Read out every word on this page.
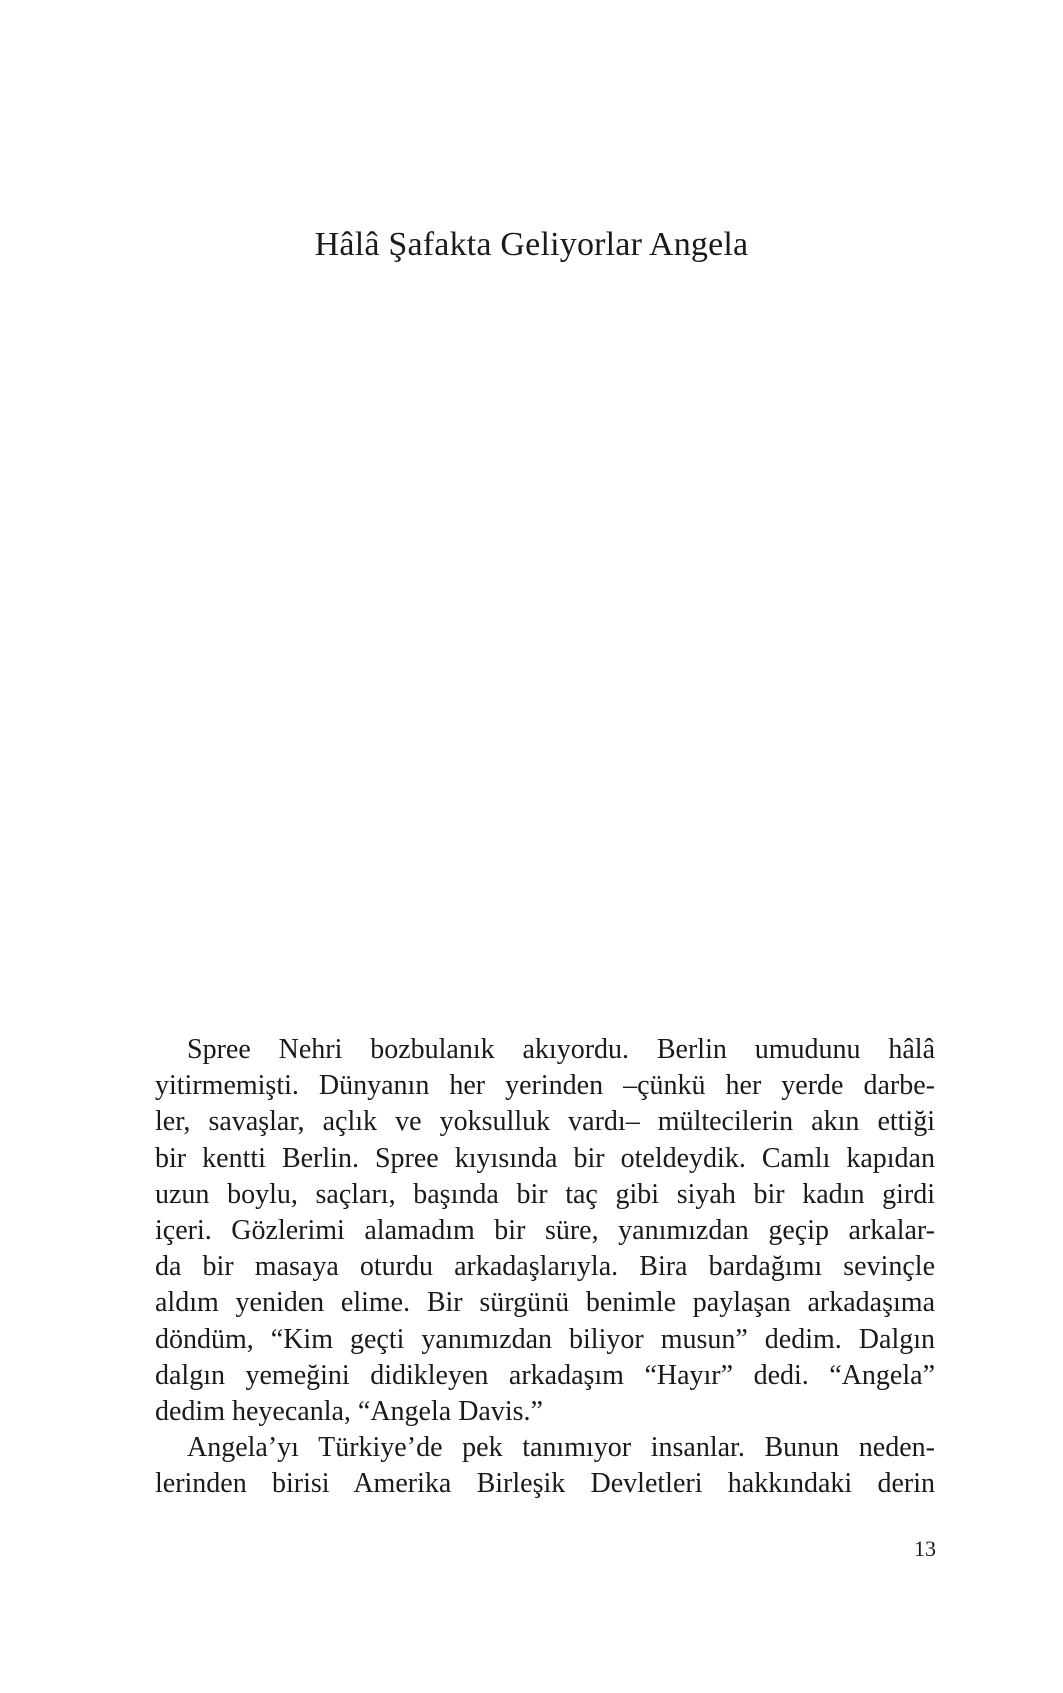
Hâlâ Şafakta Geliyorlar Angela
Spree Nehri bozbulanık akıyordu. Berlin umudunu hâlâ
yitirmemişti. Dünyanın her yerinden –çünkü her yerde darbe-
ler, savaşlar, açlık ve yoksulluk vardı– mültecilerin akın ettiği
bir kentti Berlin. Spree kıyısında bir oteldeydik. Camlı kapıdan
uzun boylu, saçları, başında bir taç gibi siyah bir kadın girdi
içeri. Gözlerimi alamadım bir süre, yanımızdan geçip arkalar-
da bir masaya oturdu arkadaşlarıyla. Bira bardağımı sevinçle
aldım yeniden elime. Bir sürgünü benimle paylaşan arkadaşıma
döndüm, “Kim geçti yanımızdan biliyor musun” dedim. Dalgın
dalgın yemeğini didikleyen arkadaşım “Hayır” dedi. “Angela”
dedim heyecanla, “Angela Davis.”
Angela’yı Türkiye’de pek tanımıyor insanlar. Bunun neden-
lerinden birisi Amerika Birleşik Devletleri hakkındaki derin
13
